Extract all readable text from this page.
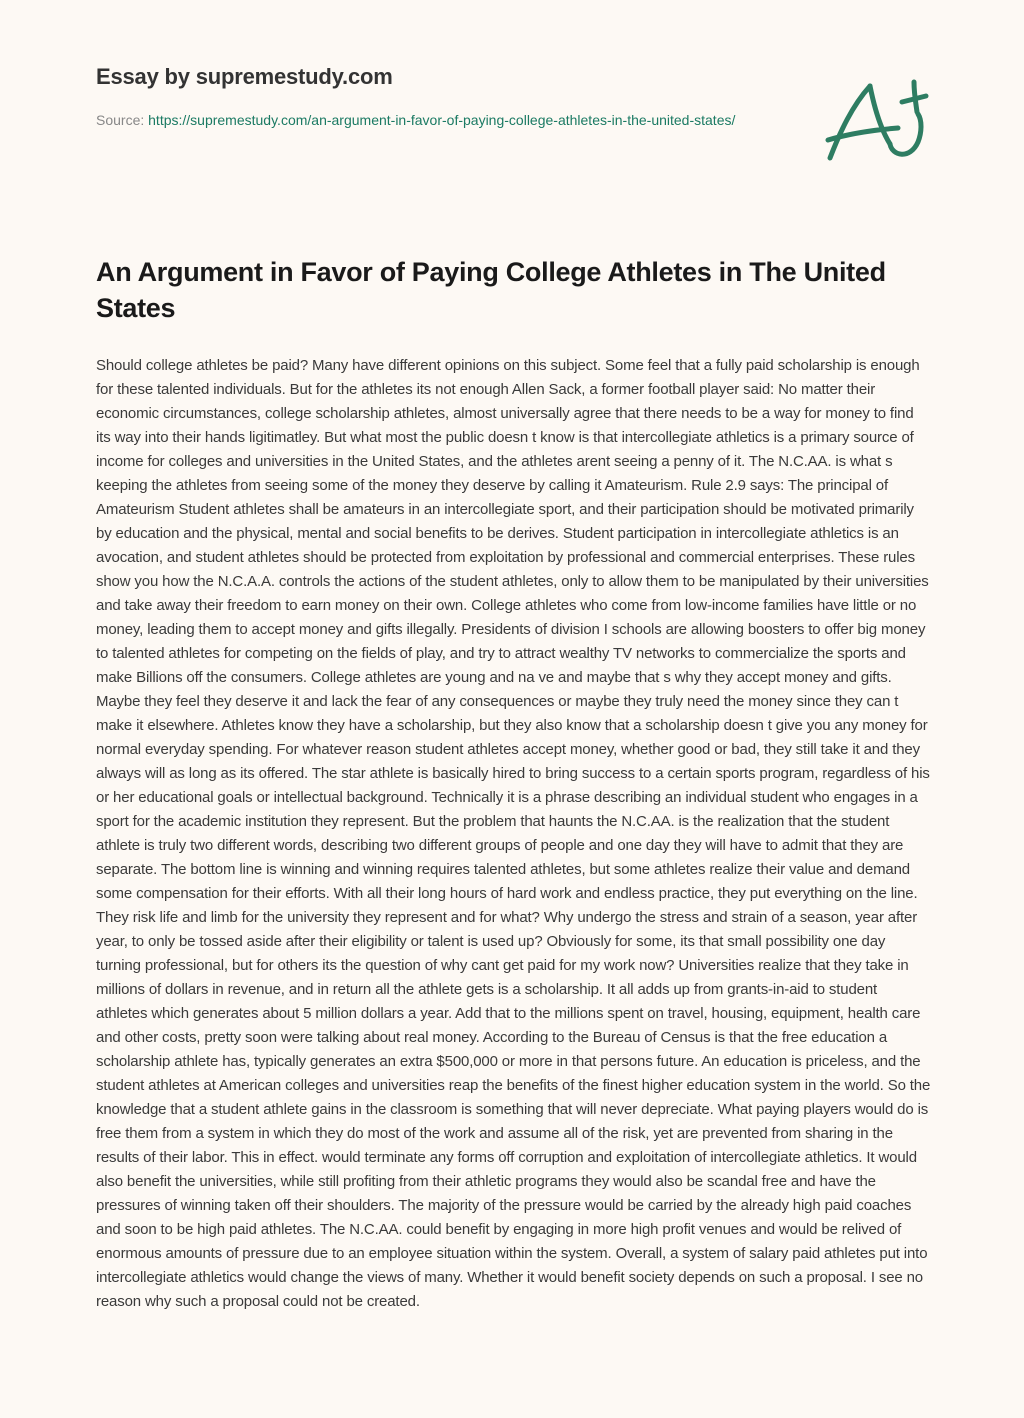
Essay by supremestudy.com
Source: https://supremestudy.com/an-argument-in-favor-of-paying-college-athletes-in-the-united-states/
An Argument in Favor of Paying College Athletes in The United States

Should college athletes be paid? Many have different opinions on this subject. Some feel that a fully paid scholarship is enough for these talented individuals. But for the athletes its not enough Allen Sack, a former football player said: No matter their economic circumstances, college scholarship athletes, almost universally agree that there needs to be a way for money to find its way into their hands ligitimatley. But what most the public doesn t know is that intercollegiate athletics is a primary source of income for colleges and universities in the United States, and the athletes arent seeing a penny of it. The N.C.AA. is what s keeping the athletes from seeing some of the money they deserve by calling it Amateurism. Rule 2.9 says: The principal of Amateurism Student athletes shall be amateurs in an intercollegiate sport, and their participation should be motivated primarily by education and the physical, mental and social benefits to be derives. Student participation in intercollegiate athletics is an avocation, and student athletes should be protected from exploitation by professional and commercial enterprises. These rules show you how the N.C.A.A. controls the actions of the student athletes, only to allow them to be manipulated by their universities and take away their freedom to earn money on their own. College athletes who come from low-income families have little or no money, leading them to accept money and gifts illegally. Presidents of division I schools are allowing boosters to offer big money to talented athletes for competing on the fields of play, and try to attract wealthy TV networks to commercialize the sports and make Billions off the consumers. College athletes are young and na ve and maybe that s why they accept money and gifts. Maybe they feel they deserve it and lack the fear of any consequences or maybe they truly need the money since they can t make it elsewhere. Athletes know they have a scholarship, but they also know that a scholarship doesn t give you any money for normal everyday spending. For whatever reason student athletes accept money, whether good or bad, they still take it and they always will as long as its offered. The star athlete is basically hired to bring success to a certain sports program, regardless of his or her educational goals or intellectual background. Technically it is a phrase describing an individual student who engages in a sport for the academic institution they represent. But the problem that haunts the N.C.AA. is the realization that the student athlete is truly two different words, describing two different groups of people and one day they will have to admit that they are separate. The bottom line is winning and winning requires talented athletes, but some athletes realize their value and demand some compensation for their efforts. With all their long hours of hard work and endless practice, they put everything on the line. They risk life and limb for the university they represent and for what? Why undergo the stress and strain of a season, year after year, to only be tossed aside after their eligibility or talent is used up? Obviously for some, its that small possibility one day turning professional, but for others its the question of why cant get paid for my work now? Universities realize that they take in millions of dollars in revenue, and in return all the athlete gets is a scholarship. It all adds up from grants-in-aid to student athletes which generates about 5 million dollars a year. Add that to the millions spent on travel, housing, equipment, health care and other costs, pretty soon were talking about real money. According to the Bureau of Census is that the free education a scholarship athlete has, typically generates an extra $500,000 or more in that persons future. An education is priceless, and the student athletes at American colleges and universities reap the benefits of the finest higher education system in the world. So the knowledge that a student athlete gains in the classroom is something that will never depreciate. What paying players would do is free them from a system in which they do most of the work and assume all of the risk, yet are prevented from sharing in the results of their labor. This in effect. would terminate any forms off corruption and exploitation of intercollegiate athletics. It would also benefit the universities, while still profiting from their athletic programs they would also be scandal free and have the pressures of winning taken off their shoulders. The majority of the pressure would be carried by the already high paid coaches and soon to be high paid athletes. The N.C.AA. could benefit by engaging in more high profit venues and would be relived of enormous amounts of pressure due to an employee situation within the system. Overall, a system of salary paid athletes put into intercollegiate athletics would change the views of many. Whether it would benefit society depends on such a proposal. I see no reason why such a proposal could not be created.
